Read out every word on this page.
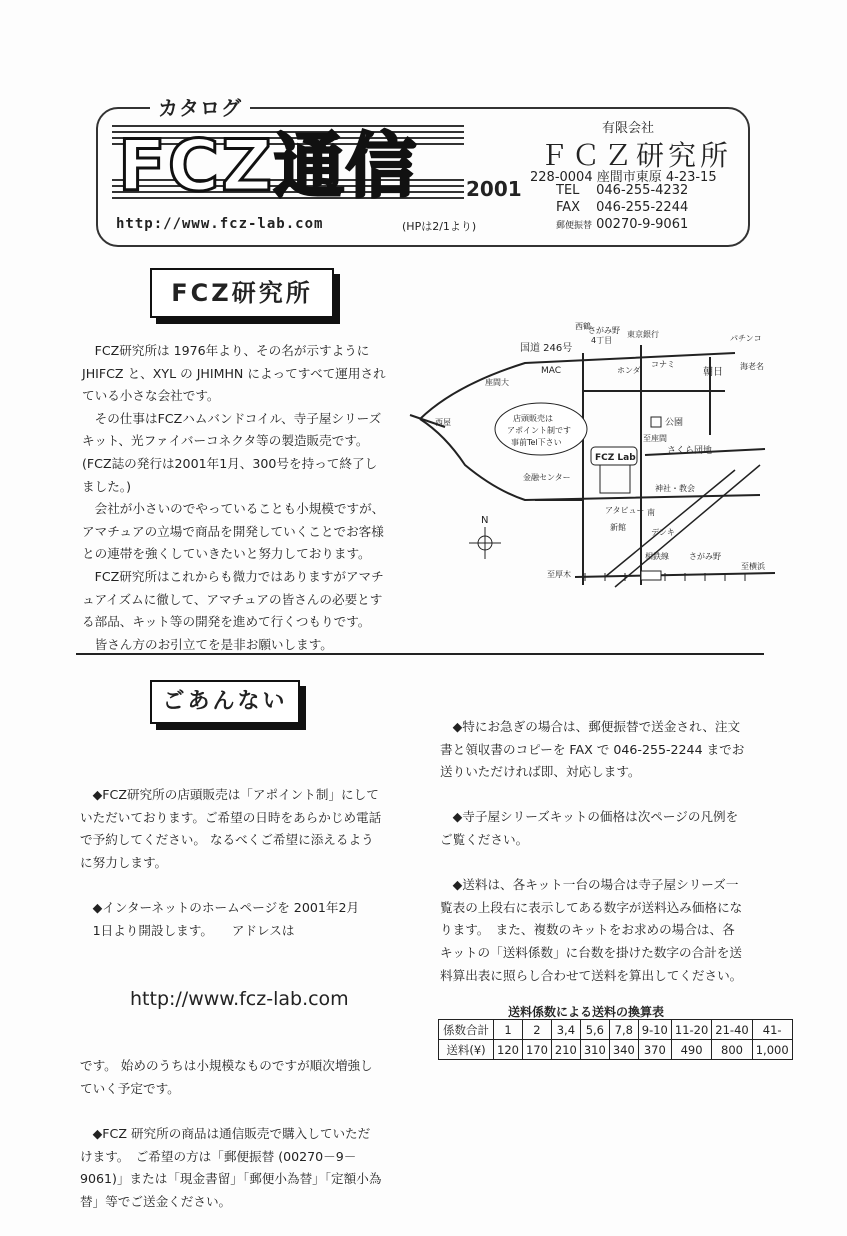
カタログ
FCZ通信 2001
http://www.fcz-lab.com	(HPは2/1より)
有限会社
ＦＣＺ研究所
228-0004 座間市東原 4-23-15
TEL 046-255-4232
FAX 046-255-2244
郵便振替 00270-9-9061
FCZ研究所
　FCZ研究所は 1976年より、その名が示すように
JHIFCZ と、XYL の JHIMHN によってすべて運用され
ている小さな会社です。
　その仕事はFCZハムバンドコイル、寺子屋シリーズ
キット、光ファイバーコネクタ等の製造販売です。
(FCZ誌の発行は2001年1月、300号を持って終了し
ました。)
　会社が小さいのでやっていることも小規模ですが、
アマチュアの立場で商品を開発していくことでお客様
との連帯を強くしていきたいと努力しております。
　FCZ研究所はこれからも微力ではありますがアマチ
ュアイズムに徹して、アマチュアの皆さんの必要とす
る部品、キット等の開発を進めて行くつもりです。
　皆さん方のお引立てを是非お願いします。
国道 246号
さがみ野
4丁目
西鶴
東京銀行	パチンコ
MAC	ホンダ
コナミ
朝日
海老名
座間大
公園
さくら団地
西屋	店頭販売は
アポイント制です
事前Tel下さい
FCZ Lab
金融センター
神社・教会
新館
南
アタビュー
デンキ
相鉄線	さがみ野
至厚木
至横浜
至座間
N
ごあんない

　◆FCZ研究所の店頭販売は「アポイント制」にして
いただいております。ご希望の日時をあらかじめ電話
で予約してください。 なるべくご希望に添えるよう
に努力します。

　◆インターネットのホームページを 2001年2月
　1日より開設します。　　アドレスは

http://www.fcz-lab.com

です。 始めのうちは小規模なものですが順次増強し
ていく予定です。

　◆FCZ 研究所の商品は通信販売で購入していただ
けます。　ご希望の方は「郵便振替 (00270－9－
9061)」または「現金書留」「郵便小為替」「定額小為
替」等でご送金ください。

　◆特にお急ぎの場合は、郵便振替で送金され、注文
書と領収書のコピーを FAX で 046-255-2244 までお
送りいただければ即、対応します。

　◆寺子屋シリーズキットの価格は次ページの凡例を
ご覧ください。

　◆送料は、各キット一台の場合は寺子屋シリーズ一
覧表の上段右に表示してある数字が送料込み価格にな
ります。　また、複数のキットをお求めの場合は、各
キットの「送料係数」に台数を掛けた数字の合計を送
料算出表に照らし合わせて送料を算出してください。
送料係数による送料の換算表
係数合計	1	2	3,4	5,6	7,8	9-10	11-20	21-40	41-
送料(¥)	120	170	210	310	340	370	490	800	1,000
